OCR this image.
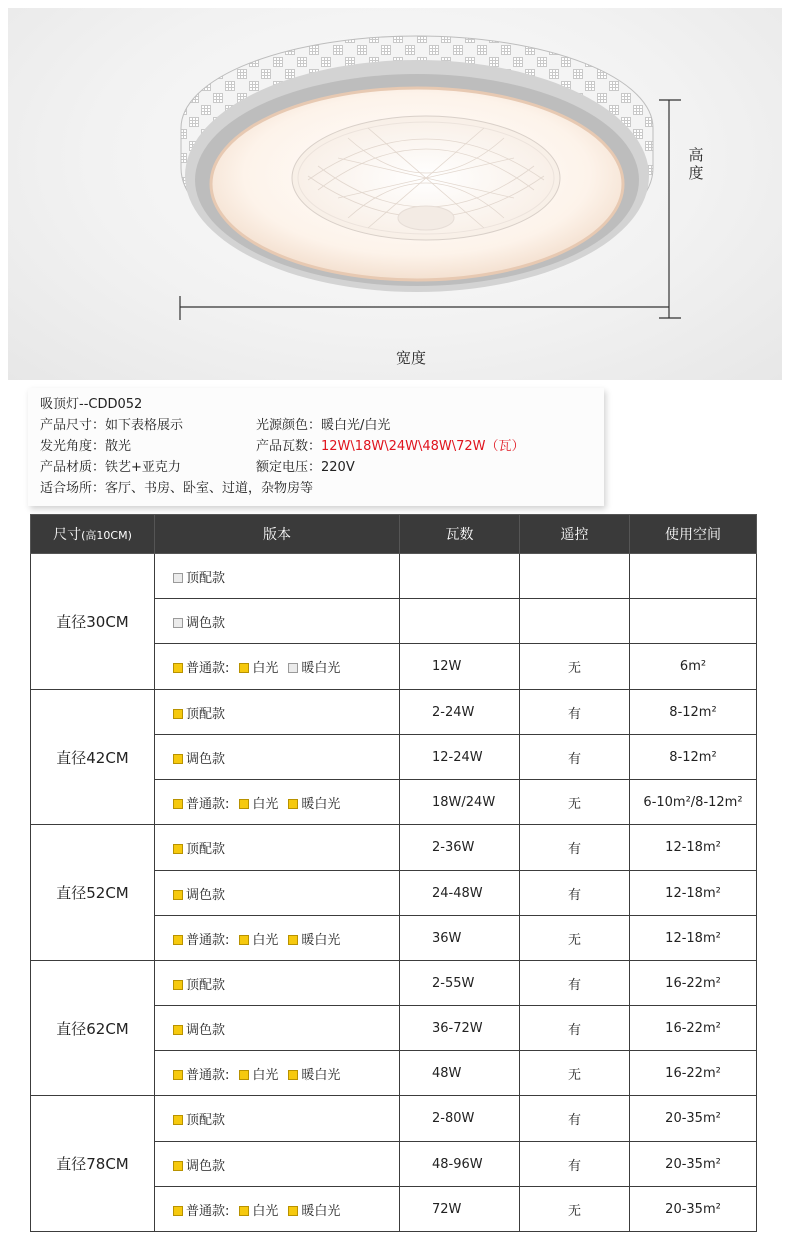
高度
宽度
吸顶灯--CDD052
产品尺寸：如下表格展示	光源颜色：暖白光/白光
发光角度：散光	产品瓦数：12W\18W\24W\48W\72W（瓦）
产品材质：铁艺+亚克力	额定电压：220V
适合场所：客厅、书房、卧室、过道，杂物房等
尺寸(高10CM)	版本	瓦数	遥控	使用空间
直径30CM	顶配款			
	调色款			
	普通款: 白光 暖白光	12W	无	6m²
直径42CM	顶配款	2-24W	有	8-12m²
	调色款	12-24W	有	8-12m²
	普通款: 白光 暖白光	18W/24W	无	6-10m²/8-12m²
直径52CM	顶配款	2-36W	有	12-18m²
	调色款	24-48W	有	12-18m²
	普通款: 白光 暖白光	36W	无	12-18m²
直径62CM	顶配款	2-55W	有	16-22m²
	调色款	36-72W	有	16-22m²
	普通款: 白光 暖白光	48W	无	16-22m²
直径78CM	顶配款	2-80W	有	20-35m²
	调色款	48-96W	有	20-35m²
	普通款: 白光 暖白光	72W	无	20-35m²
